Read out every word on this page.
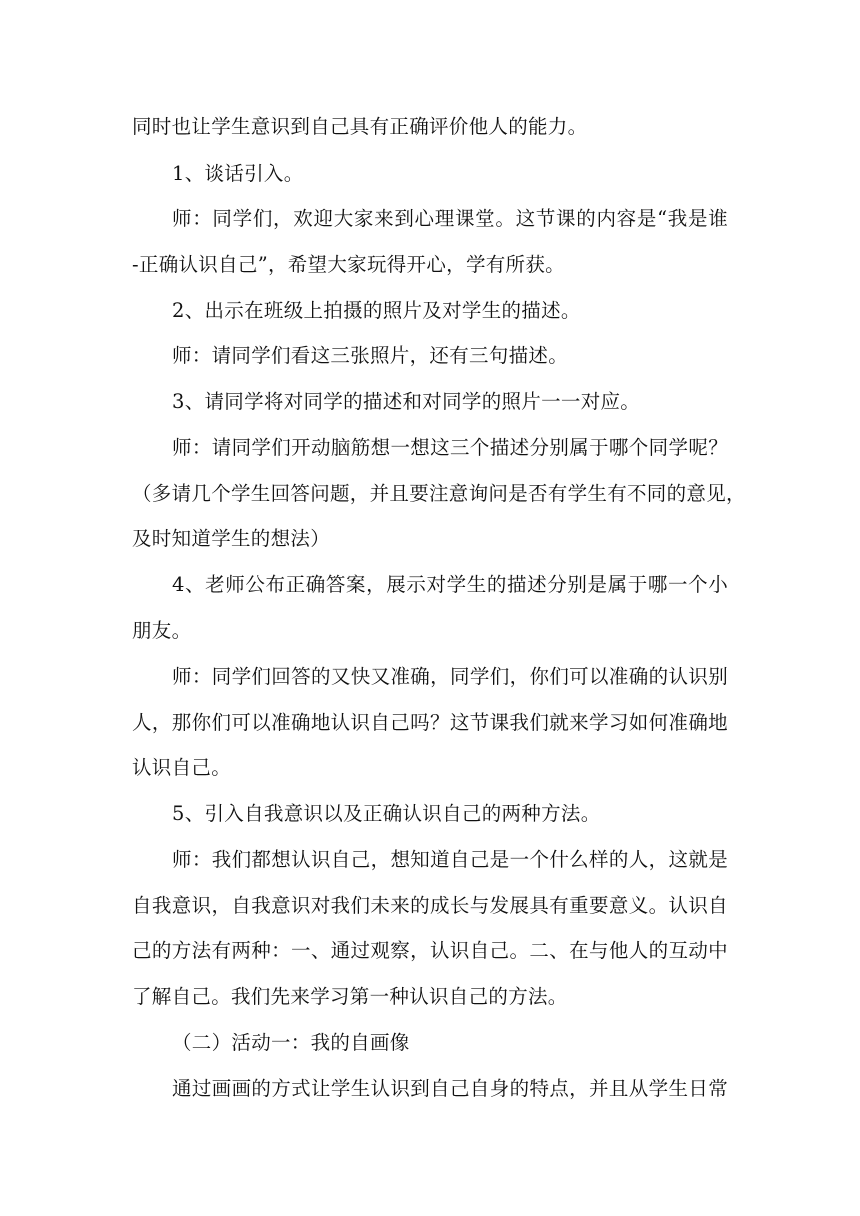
同时也让学生意识到自己具有正确评价他人的能力。
1、谈话引入。
师：同学们，欢迎大家来到心理课堂。这节课的内容是“我是谁
-正确认识自己”，希望大家玩得开心，学有所获。
2、出示在班级上拍摄的照片及对学生的描述。
师：请同学们看这三张照片，还有三句描述。
3、请同学将对同学的描述和对同学的照片一一对应。
师：请同学们开动脑筋想一想这三个描述分别属于哪个同学呢？
（多请几个学生回答问题，并且要注意询问是否有学生有不同的意见，
及时知道学生的想法）
4、老师公布正确答案，展示对学生的描述分别是属于哪一个小
朋友。
师：同学们回答的又快又准确，同学们，你们可以准确的认识别
人，那你们可以准确地认识自己吗？这节课我们就来学习如何准确地
认识自己。
5、引入自我意识以及正确认识自己的两种方法。
师：我们都想认识自己，想知道自己是一个什么样的人，这就是
自我意识，自我意识对我们未来的成长与发展具有重要意义。认识自
己的方法有两种：一、通过观察，认识自己。二、在与他人的互动中
了解自己。我们先来学习第一种认识自己的方法。
（二）活动一：我的自画像
通过画画的方式让学生认识到自己自身的特点，并且从学生日常
